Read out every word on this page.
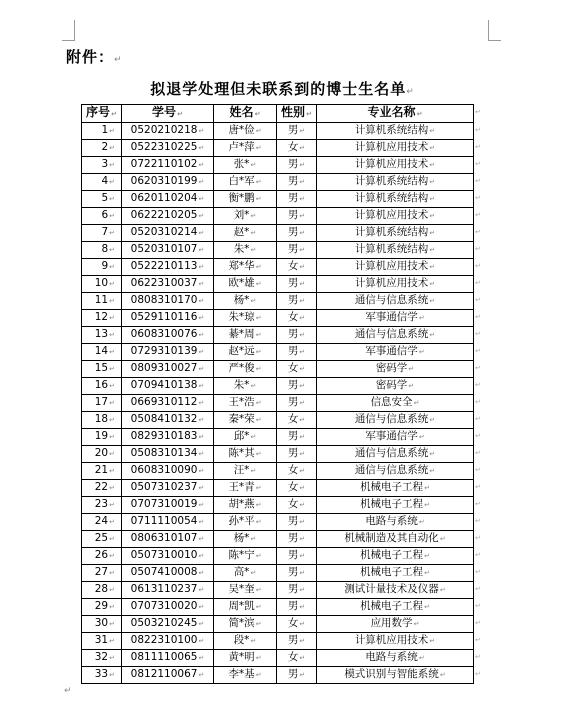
附件：↵
拟退学处理但未联系到的博士生名单↵
序号↵	学号↵	姓名↵	性别↵	专业名称↵
1↵	0520210218↵	唐*俭↵	男↵	计算机系统结构↵
2↵	0522310225↵	卢*萍↵	女↵	计算机应用技术↵
3↵	0722110102↵	张*↵	男↵	计算机应用技术↵
4↵	0620310199↵	白*军↵	男↵	计算机系统结构↵
5↵	0620110204↵	衡*鹏↵	男↵	计算机系统结构↵
6↵	0622210205↵	刘*↵	男↵	计算机应用技术↵
7↵	0520310214↵	赵*↵	男↵	计算机系统结构↵
8↵	0520310107↵	朱*↵	男↵	计算机系统结构↵
9↵	0522210113↵	郑*华↵	女↵	计算机应用技术↵
10↵	0622310037↵	欧*雄↵	男↵	计算机应用技术↵
11↵	0808310170↵	杨*↵	男↵	通信与信息系统↵
12↵	0529110116↵	朱*琼↵	女↵	军事通信学↵
13↵	0608310076↵	綦*周↵	男↵	通信与信息系统↵
14↵	0729310139↵	赵*远↵	男↵	军事通信学↵
15↵	0809310027↵	严*俊↵	女↵	密码学↵
16↵	0709410138↵	朱*↵	男↵	密码学↵
17↵	0669310112↵	王*浩↵	男↵	信息安全↵
18↵	0508410132↵	秦*荣↵	女↵	通信与信息系统↵
19↵	0829310183↵	邱*↵	男↵	军事通信学↵
20↵	0508310134↵	陈*其↵	男↵	通信与信息系统↵
21↵	0608310090↵	汪*↵	女↵	通信与信息系统↵
22↵	0507310237↵	王*青↵	女↵	机械电子工程↵
23↵	0707310019↵	胡*燕↵	女↵	机械电子工程↵
24↵	0711110054↵	孙*平↵	男↵	电路与系统↵
25↵	0806310107↵	杨*↵	男↵	机械制造及其自动化↵
26↵	0507310010↵	陈*宁↵	男↵	机械电子工程↵
27↵	0507410008↵	高*↵	男↵	机械电子工程↵
28↵	0613110237↵	吴*奎↵	男↵	测试计量技术及仪器↵
29↵	0707310020↵	周*凯↵	男↵	机械电子工程↵
30↵	0503210245↵	简*滨↵	女↵	应用数学↵
31↵	0822310100↵	段*↵	男↵	计算机应用技术↵
32↵	0811110065↵	黄*明↵	女↵	电路与系统↵
33↵	0812110067↵	李*基↵	男↵	模式识别与智能系统↵
↵
↵
↵
↵
↵
↵
↵
↵
↵
↵
↵
↵
↵
↵
↵
↵
↵
↵
↵
↵
↵
↵
↵
↵
↵
↵
↵
↵
↵
↵
↵
↵
↵
↵
↵
